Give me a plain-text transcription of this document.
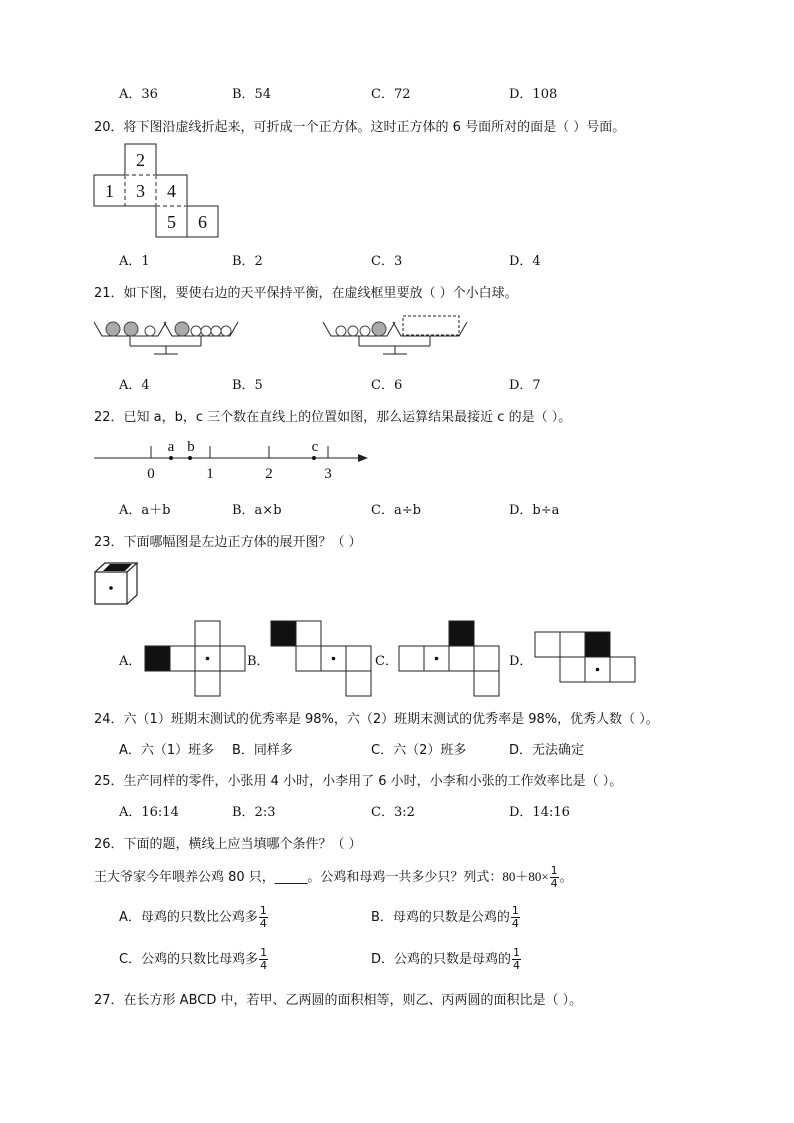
A．36	B．54	C．72	D．108
20．将下图沿虚线折起来，可折成一个正方体。这时正方体的 6 号面所对的面是（ ）号面。
2
1 3 4
5 6
A．1	B．2	C．3	D．4
21．如下图，要使右边的天平保持平衡，在虚线框里要放（ ）个小白球。
A．4	B．5	C．6	D．7
22．已知 a，b，c 三个数在直线上的位置如图，那么运算结果最接近 c 的是（ ）。
a b	c
0	1	2	3
A．a＋b	B．a×b	C．a÷b	D．b÷a
23．下面哪幅图是左边正方体的展开图？（ ）
A．	B．	C．	D．
24．六（1）班期末测试的优秀率是 98%，六（2）班期末测试的优秀率是 98%，优秀人数（ ）。
A．六（1）班多 B．同样多	C．六（2）班多	D．无法确定
25．生产同样的零件，小张用 4 小时，小李用了 6 小时，小李和小张的工作效率比是（ ）。
A．16:14	B．2:3	C．3:2	D．14:16
26．下面的题，横线上应当填哪个条件？（ ）
王大爷家今年喂养公鸡 80 只，_____。公鸡和母鸡一共多少只？列式：$80+80\times \frac{1}{4}$ 。
A．母鸡的只数比公鸡多 $\frac{1}{4}$	B．母鸡的只数是公鸡的 $\frac{1}{4}$
C．公鸡的只数比母鸡多 $\frac{1}{4}$	D．公鸡的只数是母鸡的 $\frac{1}{4}$
27．在长方形 ABCD 中，若甲、乙两圆的面积相等，则乙、丙两圆的面积比是（ ）。
